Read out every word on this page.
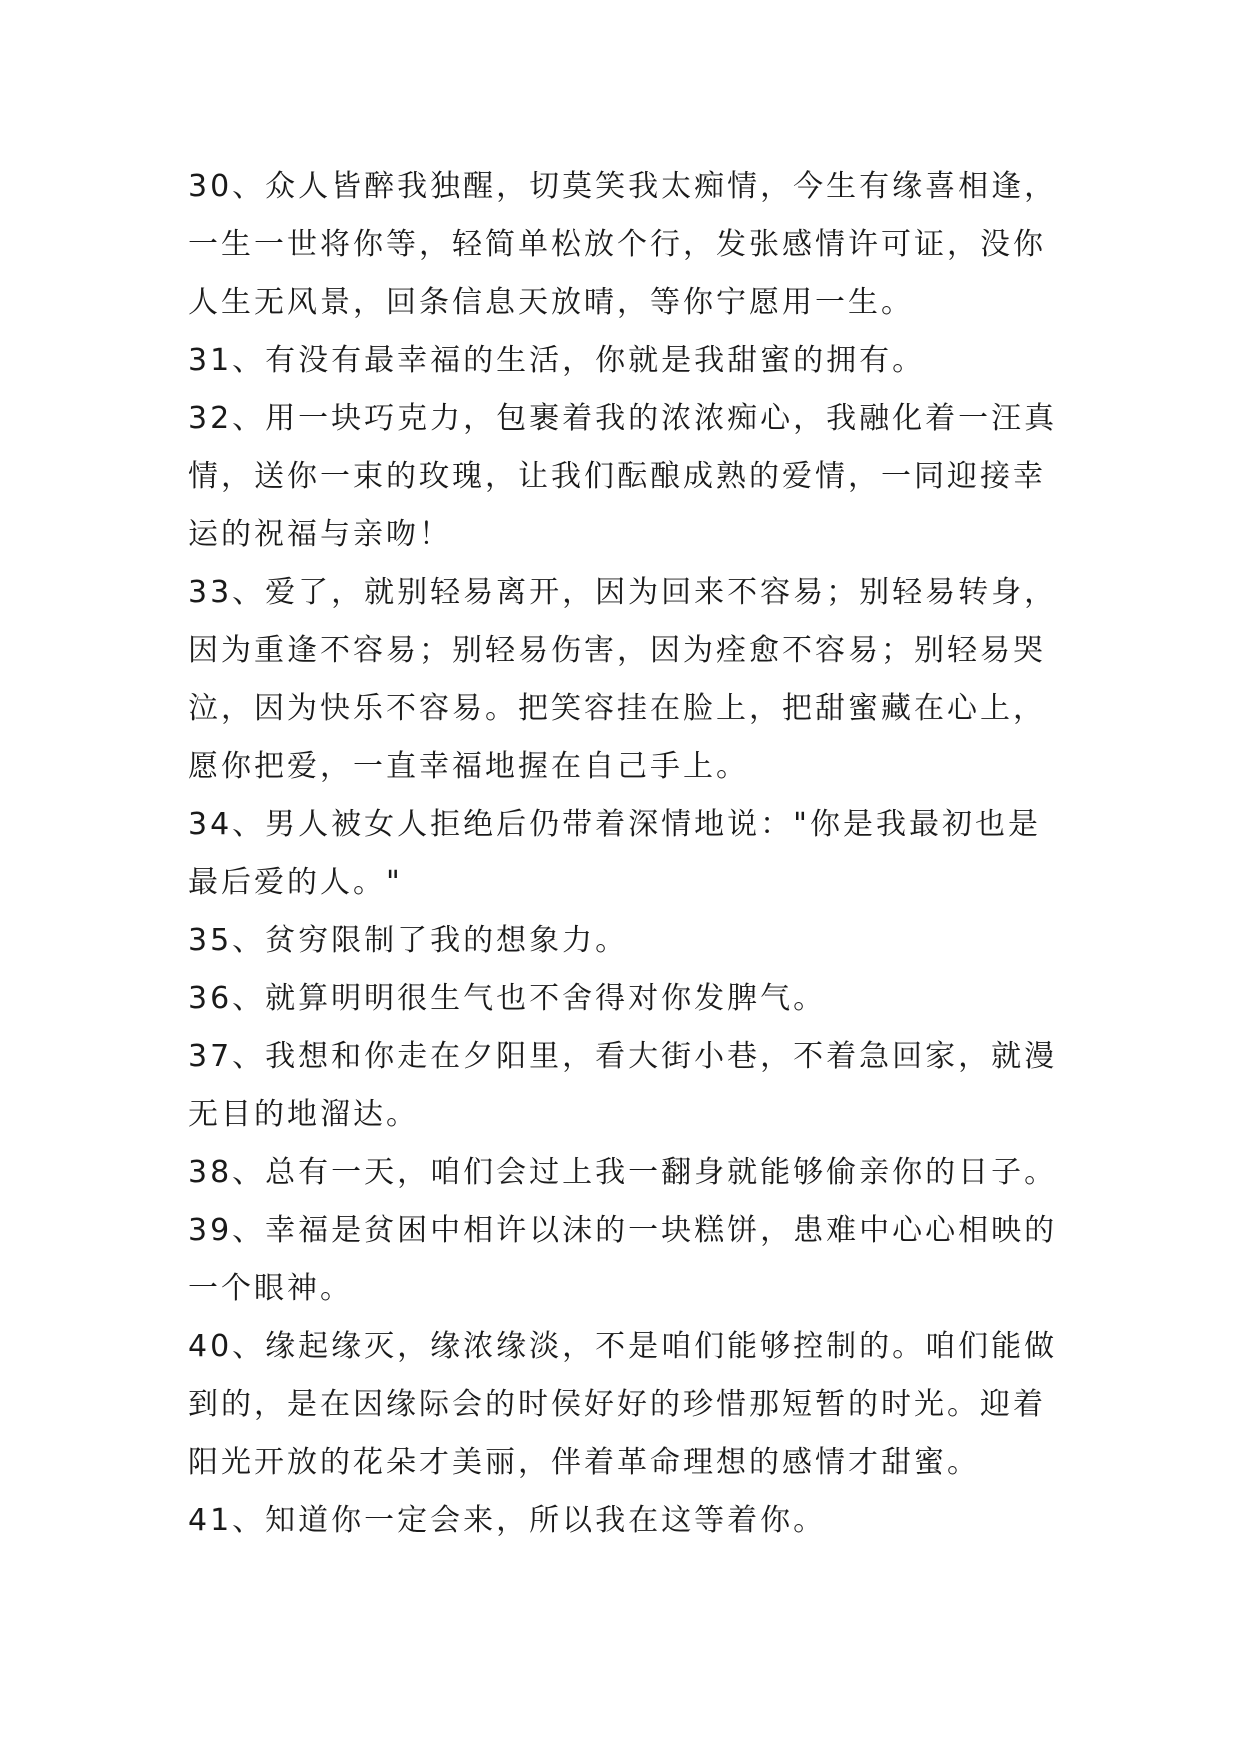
30、众人皆醉我独醒，切莫笑我太痴情，今生有缘喜相逢，
一生一世将你等，轻简单松放个行，发张感情许可证，没你
人生无风景，回条信息天放晴，等你宁愿用一生。
31、有没有最幸福的生活，你就是我甜蜜的拥有。
32、用一块巧克力，包裹着我的浓浓痴心，我融化着一汪真
情，送你一束的玫瑰，让我们酝酿成熟的爱情，一同迎接幸
运的祝福与亲吻！
33、爱了，就别轻易离开，因为回来不容易；别轻易转身，
因为重逢不容易；别轻易伤害，因为痊愈不容易；别轻易哭
泣，因为快乐不容易。把笑容挂在脸上，把甜蜜藏在心上，
愿你把爱，一直幸福地握在自己手上。
34、男人被女人拒绝后仍带着深情地说："你是我最初也是
最后爱的人。"
35、贫穷限制了我的想象力。
36、就算明明很生气也不舍得对你发脾气。
37、我想和你走在夕阳里，看大街小巷，不着急回家，就漫
无目的地溜达。
38、总有一天，咱们会过上我一翻身就能够偷亲你的日子。
39、幸福是贫困中相许以沫的一块糕饼，患难中心心相映的
一个眼神。
40、缘起缘灭，缘浓缘淡，不是咱们能够控制的。咱们能做
到的，是在因缘际会的时侯好好的珍惜那短暂的时光。迎着
阳光开放的花朵才美丽，伴着革命理想的感情才甜蜜。
41、知道你一定会来，所以我在这等着你。
